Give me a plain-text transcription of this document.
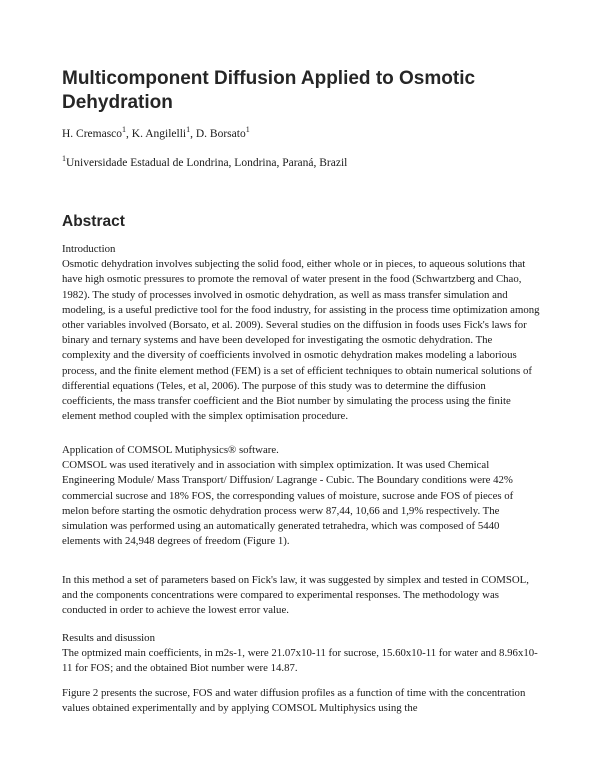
Multicomponent Diffusion Applied to Osmotic Dehydration
H. Cremasco$^1$, K. Angilelli$^1$, D. Borsato$^1$
$^1$Universidade Estadual de Londrina, Londrina, Paraná, Brazil
Abstract
Introduction

Osmotic dehydration involves subjecting the solid food, either whole or in pieces, to aqueous solutions that have high osmotic pressures to promote the removal of water present in the food (Schwartzberg and Chao, 1982). The study of processes involved in osmotic dehydration, as well as mass transfer simulation and modeling, is a useful predictive tool for the food industry, for assisting in the process time optimization among other variables involved (Borsato, et al. 2009). Several studies on the diffusion in foods uses Fick's laws for binary and ternary systems and have been developed for investigating the osmotic dehydration. The complexity and the diversity of coefficients involved in osmotic dehydration makes modeling a laborious process, and the finite element method (FEM) is a set of efficient techniques to obtain numerical solutions of differential equations (Teles, et al, 2006). The purpose of this study was to determine the diffusion coefficients, the mass transfer coefficient and the Biot number by simulating the process using the finite element method coupled with the simplex optimisation procedure.

Application of COMSOL Mutiphysics® software.

COMSOL was used iteratively and in association with simplex optimization. It was used Chemical Engineering Module/ Mass Transport/ Diffusion/ Lagrange - Cubic. The Boundary conditions were 42% commercial sucrose and 18% FOS, the corresponding values of moisture, sucrose ande FOS of pieces of melon before starting the osmotic dehydration process werw 87,44, 10,66 and 1,9% respectively. The simulation was performed using an automatically generated tetrahedra, which was composed of 5440 elements with 24,948 degrees of freedom (Figure 1).

In this method a set of parameters based on Fick's law, it was suggested by simplex and tested in COMSOL, and the components concentrations were compared to experimental responses. The methodology was conducted in order to achieve the lowest error value.

Results and disussion

The optmized main coefficients, in m2s-1, were 21.07x10-11 for sucrose, 15.60x10-11 for water and 8.96x10-11 for FOS; and the obtained Biot number were 14.87.

Figure 2 presents the sucrose, FOS and water diffusion profiles as a function of time with the concentration values obtained experimentally and by applying COMSOL Multiphysics using the
